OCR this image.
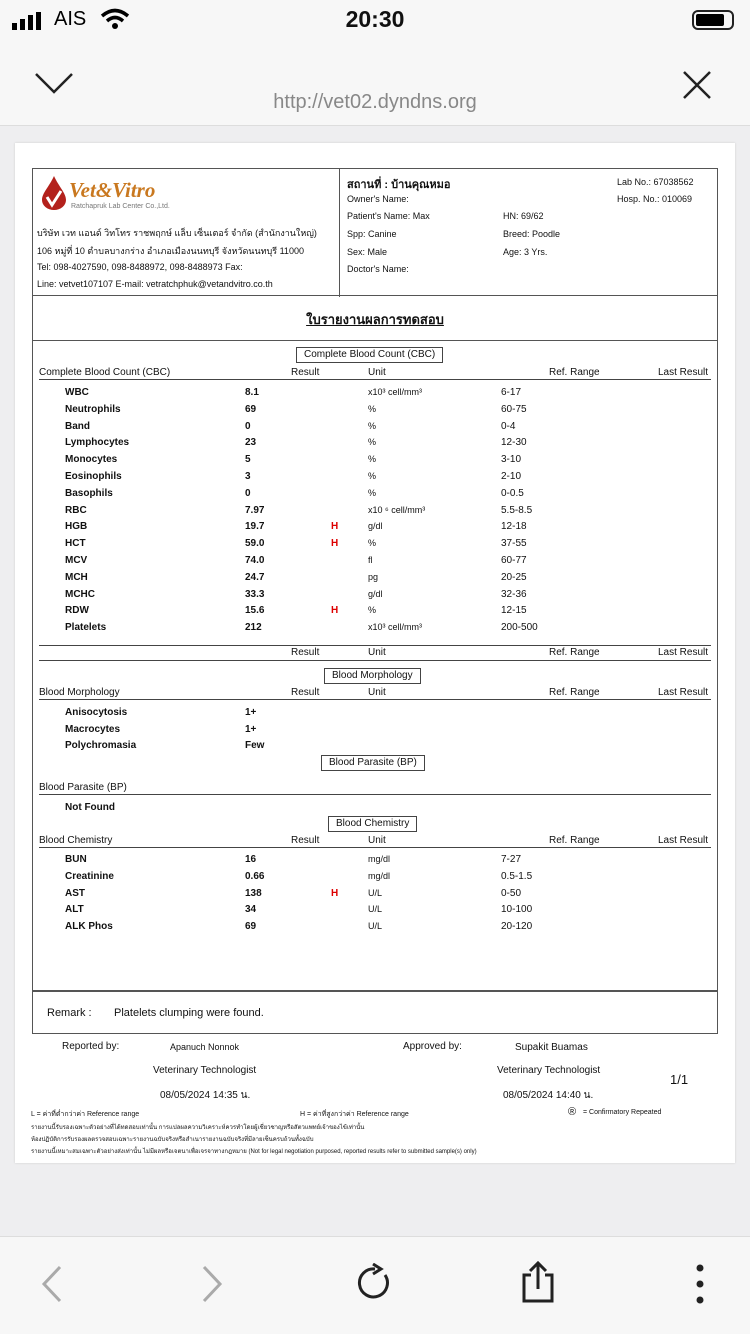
AIS	20:30
http://vet02.dyndns.org
Vet&Vitro
Ratchapruk Lab Center Co.,Ltd.
บริษัท เวท แอนด์ วิทโทร ราชพฤกษ์ แล็บ เซ็นเตอร์ จํากัด (สํานักงานใหญ่)
106 หมู่ที่ 10 ตําบลบางกร่าง อําเภอเมืองนนทบุรี จังหวัดนนทบุรี 11000
Tel: 098-4027590, 098-8488972, 098-8488973 Fax:
Line: vetvet107107 E-mail: vetratchphuk@vetandvitro.co.th
สถานที่ : บ้านคุณหมอ
Owner's Name:
Patient's Name: Max
Spp: Canine
Sex: Male
Doctor's Name:
HN: 69/62
Breed: Poodle
Age: 3 Yrs.
Lab No.: 67038562
Hosp. No.: 010069
ใบรายงานผลการทดสอบ
Complete Blood Count (CBC)
Complete Blood Count (CBC)	Result	Unit	Ref. Range	Last Result
Result	Unit	Ref. Range	Last Result
Blood Morphology
Blood Morphology	Result	Unit	Ref. Range	Last Result
Blood Parasite (BP)
Blood Parasite (BP)
Not Found
Blood Chemistry
Blood Chemistry	Result	Unit	Ref. Range	Last Result
Remark : Platelets clumping were found.
Reported by:	Apanuch Nonnok
Veterinary Technologist
08/05/2024 14:35 น.
Approved by:	Supakit Buamas
Veterinary Technologist
08/05/2024 14:40 น.
1/1
L = ค่าที่ต่ำกว่าค่า Reference range	H = ค่าที่สูงกว่าค่า Reference range	® = Confirmatory Repeated
รายงานนี้รับรองเฉพาะตัวอย่างที่ได้ทดสอบเท่านั้น การแปลผลความวิเคราะห์ควรทำโดยผู้เชี่ยวชาญหรือสัตวแพทย์เจ้าของไข้เท่านั้น
ห้องปฏิบัติการรับรองผลตรวจสอบเฉพาะรายงานฉบับจริงหรือสำเนารายงานฉบับจริงที่มีลายเซ็นครบถ้วนทั้งฉบับ
รายงานนี้เหมาะสมเฉพาะตัวอย่างส่งเท่านั้น ไม่มีผลหรือเจตนาเพื่อเจรจาทางกฎหมาย (Not for legal negotiation purposed, reported results refer to submitted sample(s) only)
WBC	8.1	x10³ cell/mm³	6-17
Neutrophils	69	%	60-75
Band	0	%	0-4
Lymphocytes	23	%	12-30
Monocytes	5	%	3-10
Eosinophils	3	%	2-10
Basophils	0	%	0-0.5
RBC	7.97	x10 ⁶ cell/mm³	5.5-8.5
HGB	19.7	H	g/dl	12-18
HCT	59.0	H	%	37-55
MCV	74.0	fl	60-77
MCH	24.7	pg	20-25
MCHC	33.3	g/dl	32-36
RDW	15.6	H	%	12-15
Platelets	212	x10³ cell/mm³	200-500
Anisocytosis	1+
Macrocytes	1+
Polychromasia	Few
BUN	16	mg/dl	7-27
Creatinine	0.66	mg/dl	0.5-1.5
AST	138	H	U/L	0-50
ALT	34	U/L	10-100
ALK Phos	69	U/L	20-120
